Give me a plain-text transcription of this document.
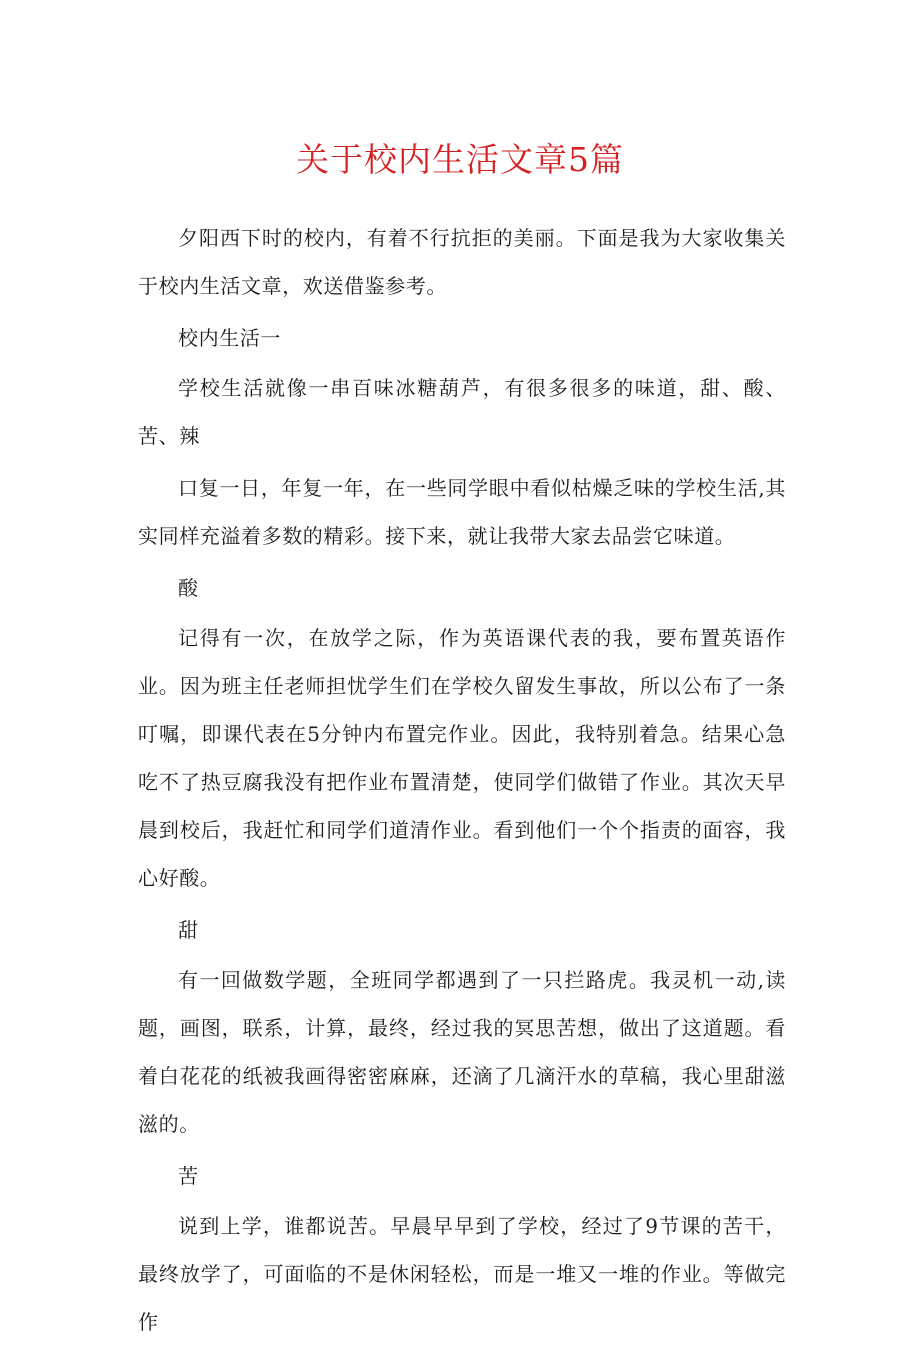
关于校内生活文章5篇

夕阳西下时的校内，有着不行抗拒的美丽。下面是我为大家收集关于校内生活文章，欢送借鉴参考。

校内生活一

学校生活就像一串百味冰糖葫芦，有很多很多的味道，甜、酸、苦、辣

口复一日，年复一年，在一些同学眼中看似枯燥乏味的学校生活,其实同样充溢着多数的精彩。接下来，就让我带大家去品尝它味道。

酸

记得有一次，在放学之际，作为英语课代表的我，要布置英语作业。因为班主任老师担忧学生们在学校久留发生事故，所以公布了一条叮嘱，即课代表在5分钟内布置完作业。因此，我特别着急。结果心急吃不了热豆腐我没有把作业布置清楚，使同学们做错了作业。其次天早晨到校后，我赶忙和同学们道清作业。看到他们一个个指责的面容，我心好酸。

甜

有一回做数学题，全班同学都遇到了一只拦路虎。我灵机一动,读题，画图，联系，计算，最终，经过我的冥思苦想，做出了这道题。看着白花花的纸被我画得密密麻麻，还滴了几滴汗水的草稿，我心里甜滋滋的。

苦

说到上学，谁都说苦。早晨早早到了学校，经过了9节课的苦干，最终放学了，可面临的不是休闲轻松，而是一堆又一堆的作业。等做完作
